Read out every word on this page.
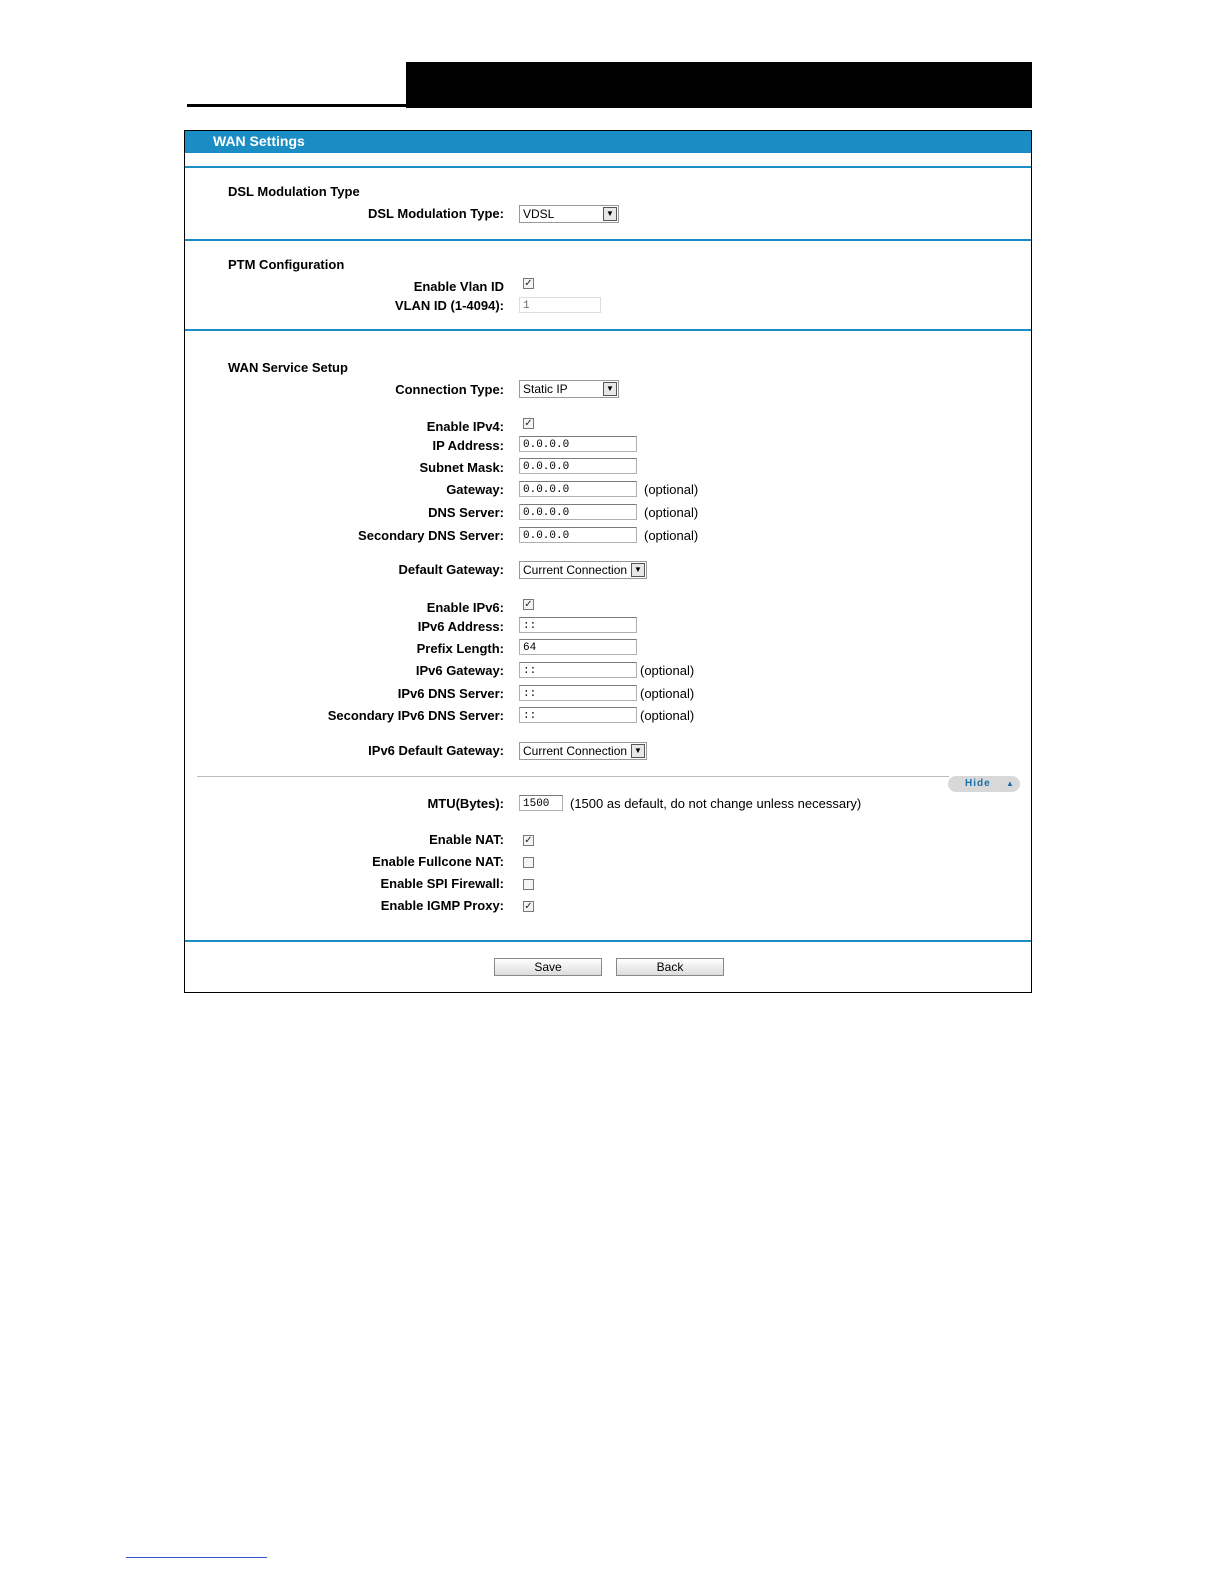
WAN Settings
DSL Modulation Type
DSL Modulation Type:	VDSL	▼
PTM Configuration
Enable Vlan ID ✓
VLAN ID (1-4094):	1
WAN Service Setup
Connection Type:	Static IP	▼
Enable IPv4: ✓
IP Address:	0.0.0.0
Subnet Mask:	0.0.0.0
Gateway:	0.0.0.0	(optional)
DNS Server:	0.0.0.0	(optional)
Secondary DNS Server:	0.0.0.0	(optional)
Default Gateway:	Current Connection ▼
Enable IPv6: ✓
IPv6 Address:	::
Prefix Length:	64
IPv6 Gateway:	::	(optional)
IPv6 DNS Server:	::	(optional)
Secondary IPv6 DNS Server:	::	(optional)
IPv6 Default Gateway:	Current Connection ▼
Hide ▲
MTU(Bytes):	1500	(1500 as default, do not change unless necessary)
Enable NAT: ✓
Enable Fullcone NAT:
Enable SPI Firewall:
Enable IGMP Proxy: ✓
Save	Back
